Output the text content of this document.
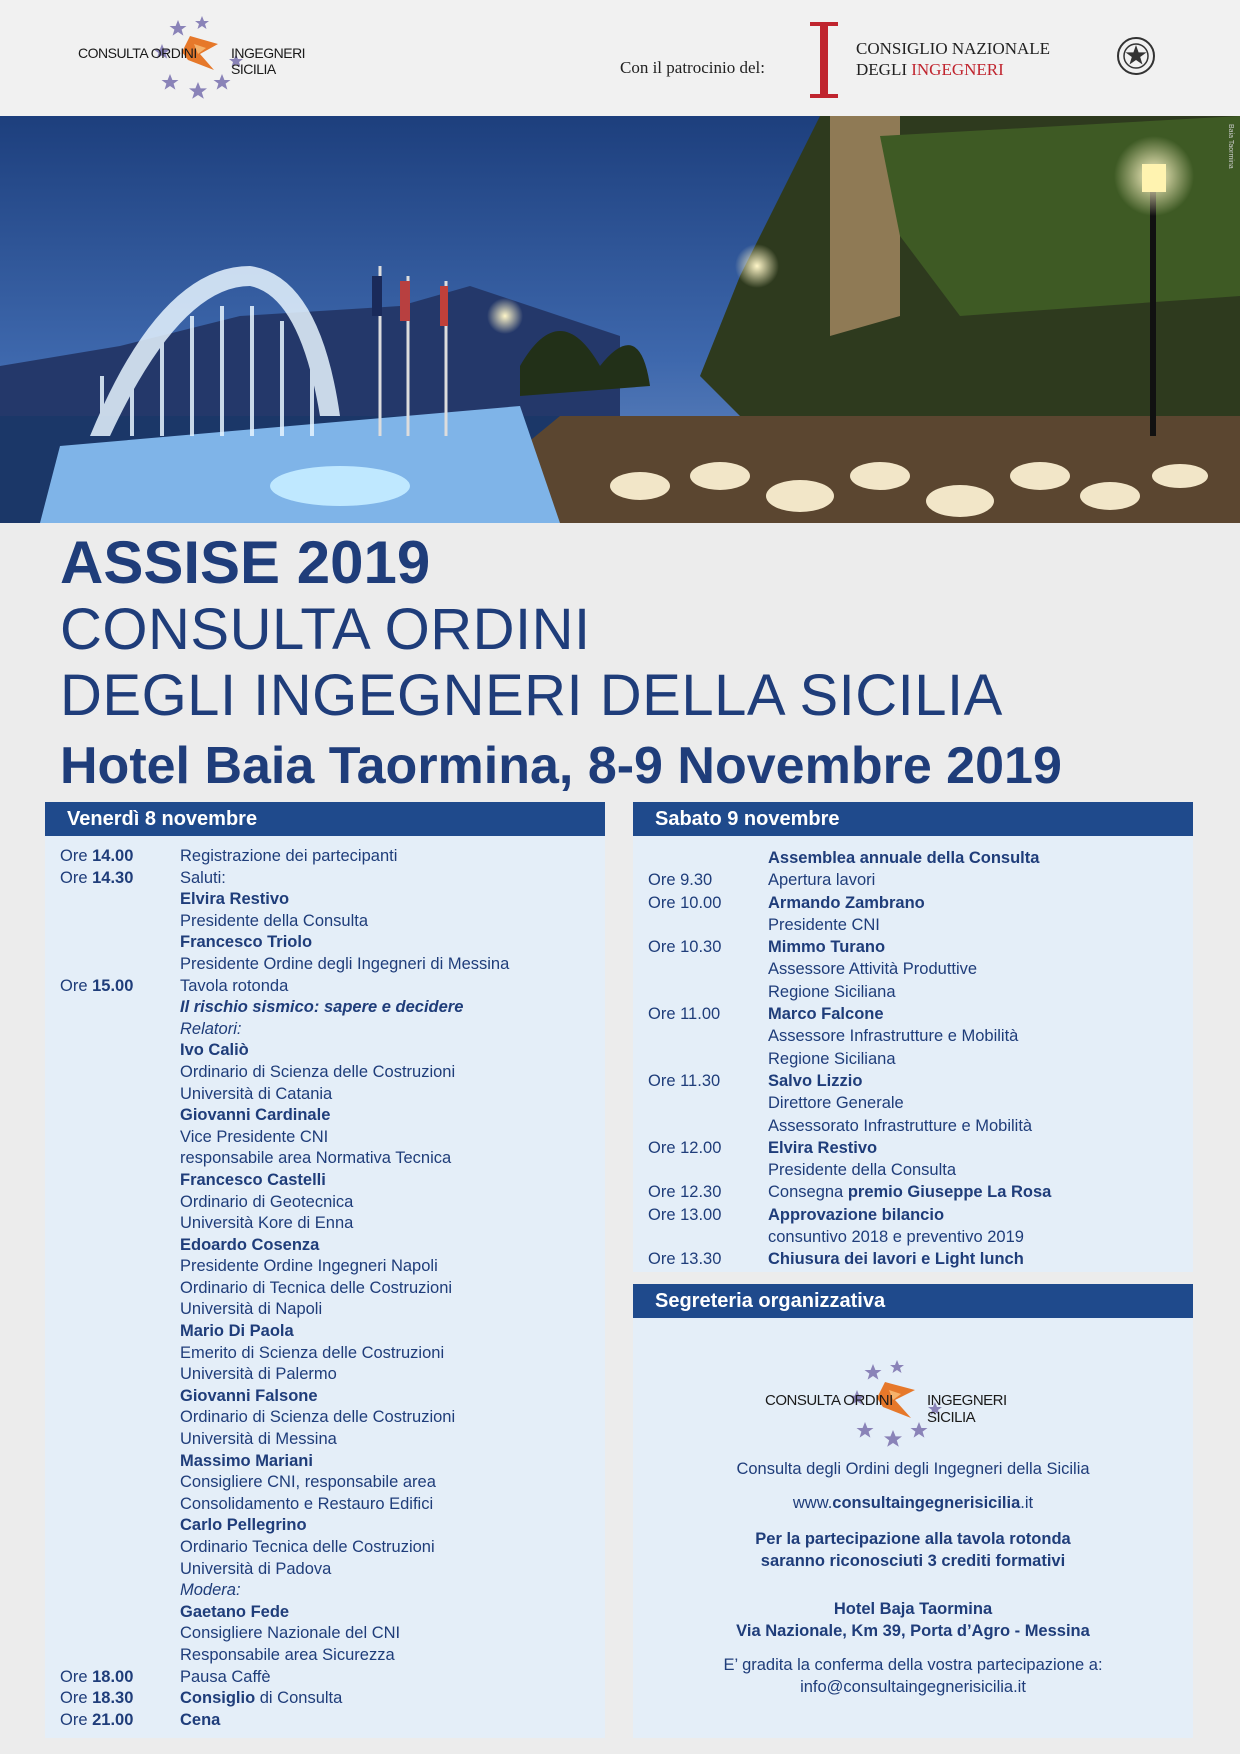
CONSULTA ORDINI INGEGNERI SICILIA	Con il patrocinio del:
CONSIGLIO NAZIONALE
DEGLI INGEGNERI
Baia Taormina
ASSISE 2019
CONSULTA ORDINI
DEGLI INGEGNERI DELLA SICILIA
Hotel Baia Taormina, 8-9 Novembre 2019
Venerdì 8 novembre
Ore 14.00	Registrazione dei partecipanti
Ore 14.30	Saluti:
Elvira Restivo
Presidente della Consulta
Francesco Triolo
Presidente Ordine degli Ingegneri di Messina
Ore 15.00	Tavola rotonda
Il rischio sismico: sapere e decidere
Relatori:
Ivo Caliò
Ordinario di Scienza delle Costruzioni
Università di Catania
Giovanni Cardinale
Vice Presidente CNI
responsabile area Normativa Tecnica
Francesco Castelli
Ordinario di Geotecnica
Università Kore di Enna
Edoardo Cosenza
Presidente Ordine Ingegneri Napoli
Ordinario di Tecnica delle Costruzioni
Università di Napoli
Mario Di Paola
Emerito di Scienza delle Costruzioni
Università di Palermo
Giovanni Falsone
Ordinario di Scienza delle Costruzioni
Università di Messina
Massimo Mariani
Consigliere CNI, responsabile area
Consolidamento e Restauro Edifici
Carlo Pellegrino
Ordinario Tecnica delle Costruzioni
Università di Padova
Modera:
Gaetano Fede
Consigliere Nazionale del CNI
Responsabile area Sicurezza
Ore 18.00	Pausa Caffè
Ore 18.30	Consiglio di Consulta
Ore 21.00	Cena
Sabato 9 novembre
Assemblea annuale della Consulta
Ore 9.30	Apertura lavori
Ore 10.00	Armando Zambrano
Presidente CNI
Ore 10.30	Mimmo Turano
Assessore Attività Produttive
Regione Siciliana
Ore 11.00	Marco Falcone
Assessore Infrastrutture e Mobilità
Regione Siciliana
Ore 11.30	Salvo Lizzio
Direttore Generale
Assessorato Infrastrutture e Mobilità
Ore 12.00	Elvira Restivo
Presidente della Consulta
Ore 12.30	Consegna premio Giuseppe La Rosa
Ore 13.00	Approvazione bilancio
consuntivo 2018 e preventivo 2019
Ore 13.30	Chiusura dei lavori e Light lunch
Segreteria organizzativa
CONSULTA ORDINI INGEGNERI SICILIA
Consulta degli Ordini degli Ingegneri della Sicilia
www.consultaingegnerisicilia.it
Per la partecipazione alla tavola rotonda
saranno riconosciuti 3 crediti formativi
Hotel Baja Taormina
Via Nazionale, Km 39, Porta d’Agro - Messina
E’ gradita la conferma della vostra partecipazione a:
info@consultaingegnerisicilia.it
